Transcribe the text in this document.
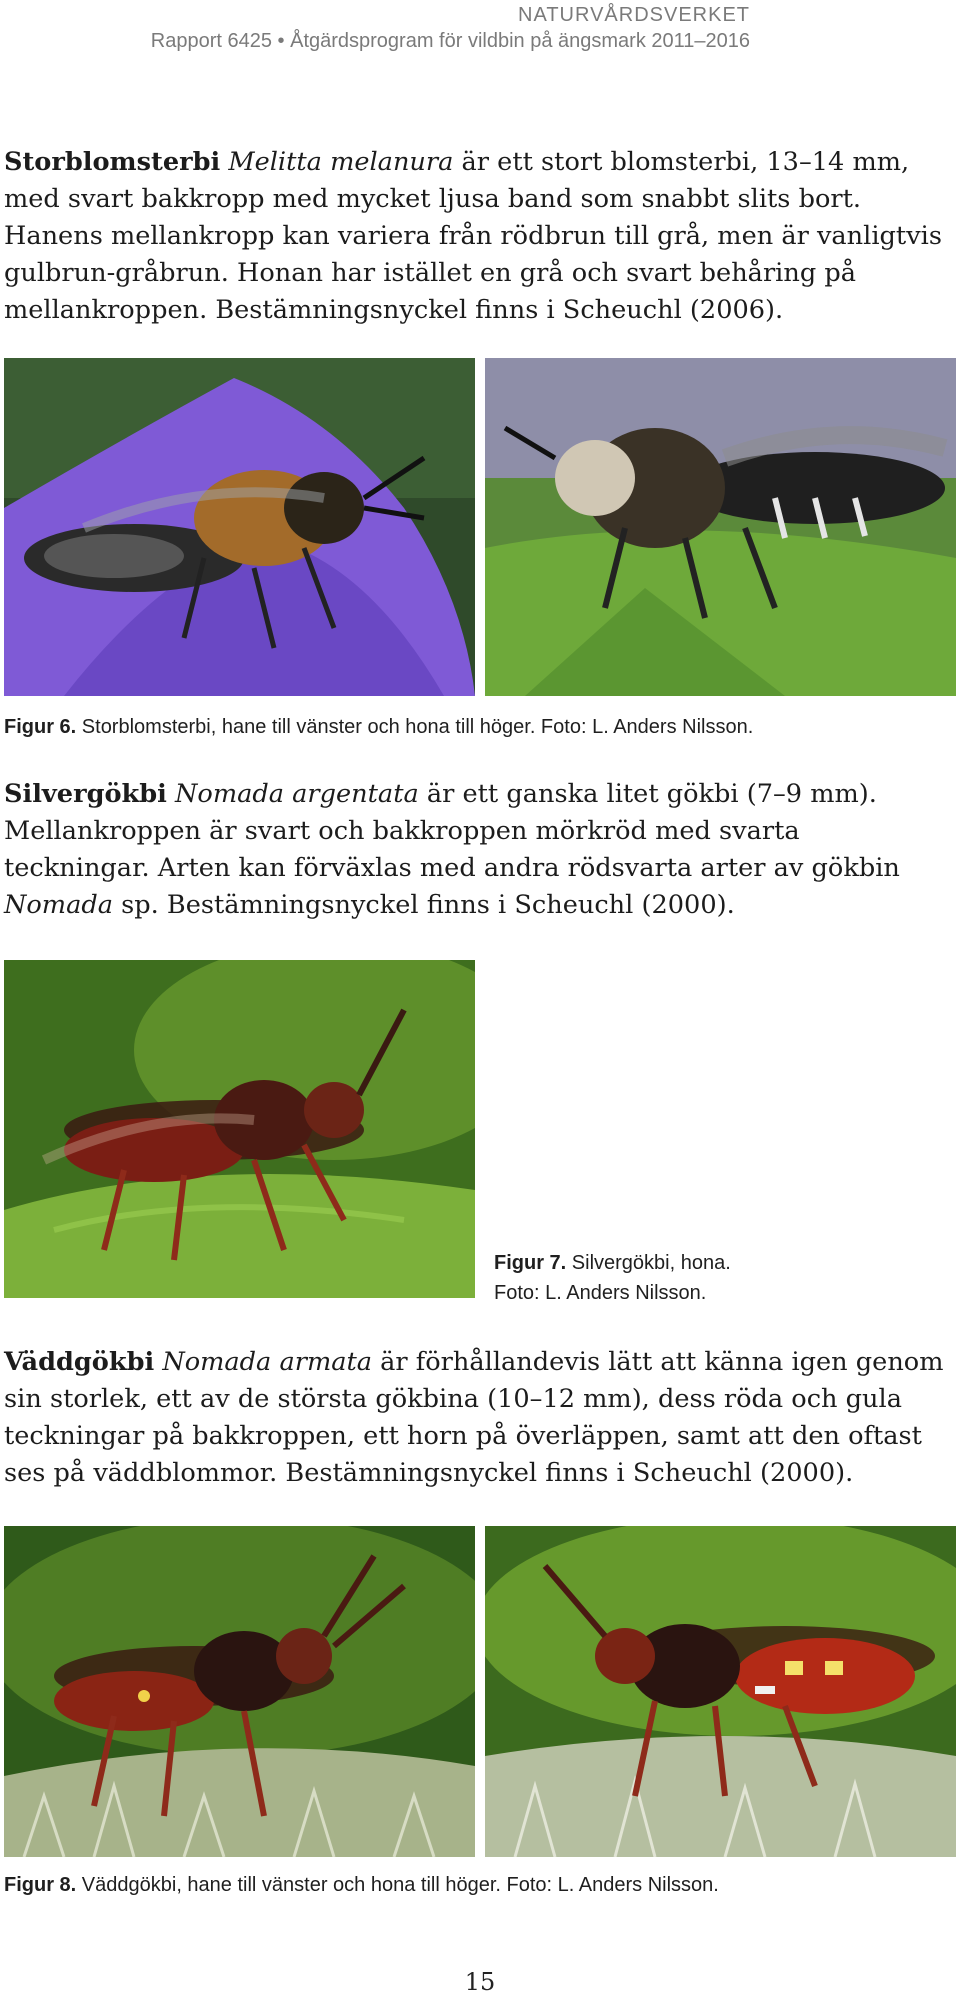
NATURVÅRDSVERKET
Rapport 6425 • Åtgärdsprogram för vildbin på ängsmark 2011–2016

Storblomsterbi Melitta melanura är ett stort blomsterbi, 13–14 mm, med svart bakkropp med mycket ljusa band som snabbt slits bort. Hanens mellankropp kan variera från rödbrun till grå, men är vanligtvis gulbrun-gråbrun. Honan har istället en grå och svart behåring på mellankroppen. Bestämningsnyckel finns i Scheuchl (2006).

Figur 6. Storblomsterbi, hane till vänster och hona till höger. Foto: L. Anders Nilsson.

Silvergökbi Nomada argentata är ett ganska litet gökbi (7–9 mm). Mellankroppen är svart och bakkroppen mörkröd med svarta teckningar. Arten kan förväxlas med andra rödsvarta arter av gökbin Nomada sp. Bestämningsnyckel finns i Scheuchl (2000).

Figur 7. Silvergökbi, hona.
Foto: L. Anders Nilsson.

Väddgökbi Nomada armata är förhållandevis lätt att känna igen genom sin storlek, ett av de största gökbina (10–12 mm), dess röda och gula teckningar på bakkroppen, ett horn på överläppen, samt att den oftast ses på väddblommor. Bestämningsnyckel finns i Scheuchl (2000).

Figur 8. Väddgökbi, hane till vänster och hona till höger. Foto: L. Anders Nilsson.
15
